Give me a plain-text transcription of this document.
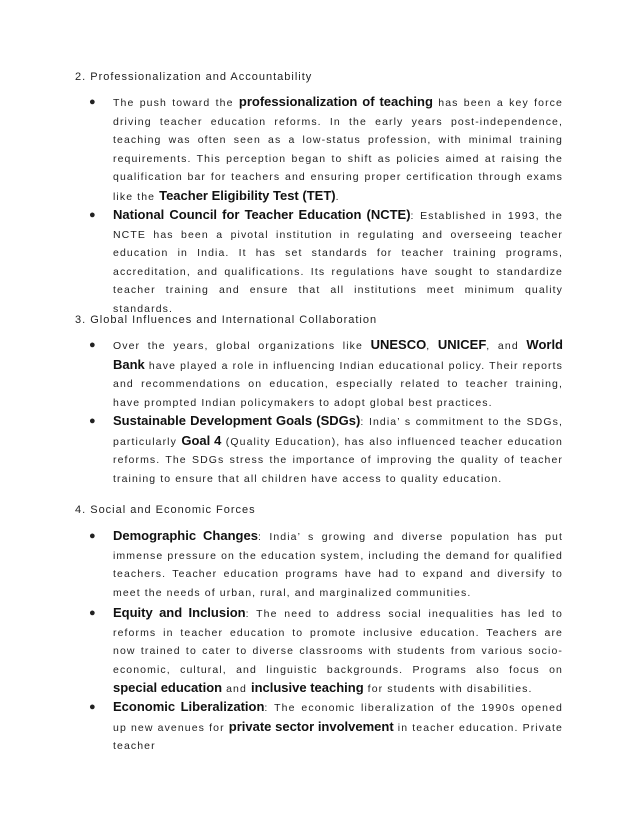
2. Professionalization and Accountability
●	The push toward the professionalization of teaching has been a key force driving teacher education reforms. In the early years post-independence, teaching was often seen as a low-status profession, with minimal training requirements. This perception began to shift as policies aimed at raising the qualification bar for teachers and ensuring proper certification through exams like the Teacher Eligibility Test (TET).
●	National Council for Teacher Education (NCTE): Established in 1993, the NCTE has been a pivotal institution in regulating and overseeing teacher education in India. It has set standards for teacher training programs, accreditation, and qualifications. Its regulations have sought to standardize teacher training and ensure that all institutions meet minimum quality standards.
3. Global Influences and International Collaboration
●	Over the years, global organizations like UNESCO, UNICEF, and World Bank have played a role in influencing Indian educational policy. Their reports and recommendations on education, especially related to teacher training, have prompted Indian policymakers to adopt global best practices.
●	Sustainable Development Goals (SDGs): India’ s commitment to the SDGs, particularly Goal 4 (Quality Education), has also influenced teacher education reforms. The SDGs stress the importance of improving the quality of teacher training to ensure that all children have access to quality education.
4. Social and Economic Forces
●	Demographic Changes: India’ s growing and diverse population has put immense pressure on the education system, including the demand for qualified teachers. Teacher education programs have had to expand and diversify to meet the needs of urban, rural, and marginalized communities.
●	Equity and Inclusion: The need to address social inequalities has led to reforms in teacher education to promote inclusive education. Teachers are now trained to cater to diverse classrooms with students from various socio-economic, cultural, and linguistic backgrounds. Programs also focus on special education and inclusive teaching for students with disabilities.
●	Economic Liberalization: The economic liberalization of the 1990s opened up new avenues for private sector involvement in teacher education. Private teacher
